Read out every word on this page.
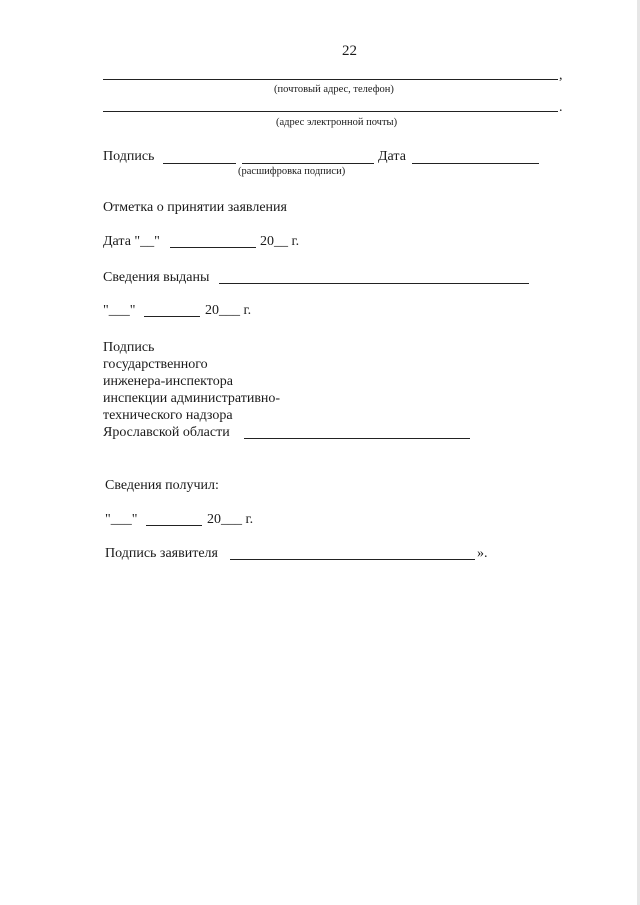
22
,
(почтовый адрес, телефон)
.
(адрес электронной почты)
Подпись	Дата
(расшифровка подписи)
Отметка о принятии заявления
Дата "__"	20__ г.
Сведения выданы
"___"	20___ г.
Подпись
государственного
инженера-инспектора
инспекции административно-
технического надзора
Ярославской области
Сведения получил:
"___"	20___ г.
Подпись заявителя	».
